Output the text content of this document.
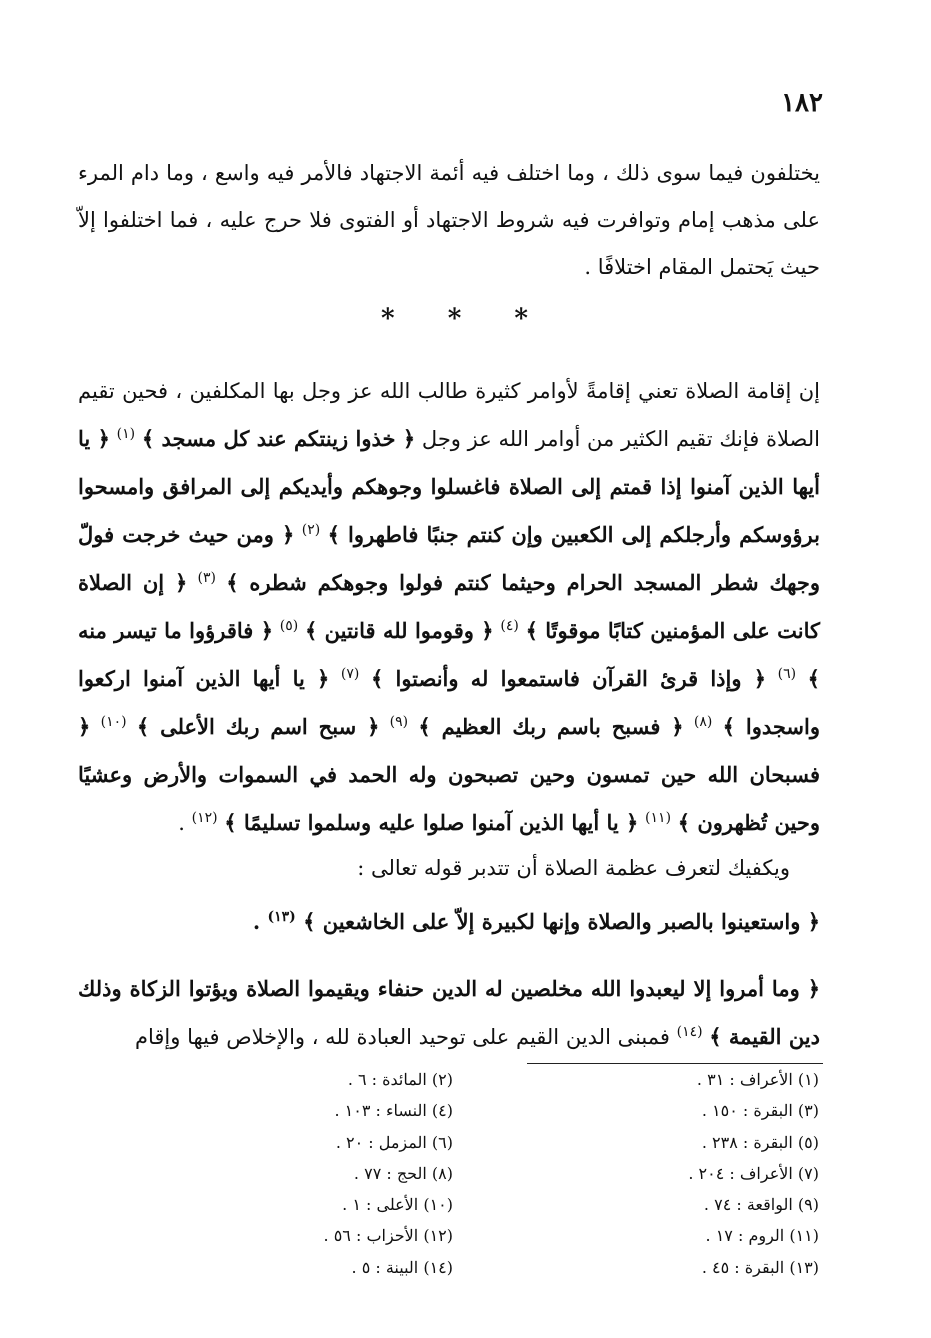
١٨٢
يختلفون فيما سوى ذلك ، وما اختلف فيه أئمة الاجتهاد فالأمر فيه واسع ، وما دام المرء على مذهب إمام وتوافرت فيه شروط الاجتهاد أو الفتوى فلا حرج عليه ، فما اختلفوا إلاّ حيث يَحتمل المقام اختلافًا .
* * *
إن إقامة الصلاة تعني إقامةً لأوامر كثيرة طالب الله عز وجل بها المكلفين ، فحين تقيم الصلاة فإنك تقيم الكثير من أوامر الله عز وجل ﴿ خذوا زينتكم عند كل مسجد ﴾ $^{(١)}$ ﴿ يا أيها الذين آمنوا إذا قمتم إلى الصلاة فاغسلوا وجوهكم وأيديكم إلى المرافق وامسحوا برؤوسكم وأرجلكم إلى الكعبين وإن كنتم جنبًا فاطهروا ﴾ $^{(٢)}$ ﴿ ومن حيث خرجت فولّ وجهك شطر المسجد الحرام وحيثما كنتم فولوا وجوهكم شطره ﴾ $^{(٣)}$ ﴿ إن الصلاة كانت على المؤمنين كتابًا موقوتًا ﴾ $^{(٤)}$ ﴿ وقوموا لله قانتين ﴾ $^{(٥)}$ ﴿ فاقرؤوا ما تيسر منه ﴾ $^{(٦)}$ ﴿ وإذا قرئ القرآن فاستمعوا له وأنصتوا ﴾ $^{(٧)}$ ﴿ يا أيها الذين آمنوا اركعوا واسجدوا ﴾ $^{(٨)}$ ﴿ فسبح باسم ربك العظيم ﴾ $^{(٩)}$ ﴿ سبح اسم ربك الأعلى ﴾ $^{(١٠)}$ ﴿ فسبحان الله حين تمسون وحين تصبحون وله الحمد في السموات والأرض وعشيًا وحين تُظهرون ﴾ $^{(١١)}$ ﴿ يا أيها الذين آمنوا صلوا عليه وسلموا تسليمًا ﴾ $^{(١٢)}$ .
ويكفيك لتعرف عظمة الصلاة أن تتدبر قوله تعالى :
﴿ واستعينوا بالصبر والصلاة وإنها لكبيرة إلاّ على الخاشعين ﴾ $^{(١٣)}$ .
﴿ وما أمروا إلا ليعبدوا الله مخلصين له الدين حنفاء ويقيموا الصلاة ويؤتوا الزكاة وذلك دين القيمة ﴾ $^{(١٤)}$ فمبنى الدين القيم على توحيد العبادة لله ، والإخلاص فيها وإقام
(١) الأعراف : ٣١ .
(٣) البقرة : ١٥٠ .
(٥) البقرة : ٢٣٨ .
(٧) الأعراف : ٢٠٤ .
(٩) الواقعة : ٧٤ .
(١١) الروم : ١٧ .
(١٣) البقرة : ٤٥ .
(٢) المائدة : ٦ .
(٤) النساء : ١٠٣ .
(٦) المزمل : ٢٠ .
(٨) الحج : ٧٧ .
(١٠) الأعلى : ١ .
(١٢) الأحزاب : ٥٦ .
(١٤) البينة : ٥ .
